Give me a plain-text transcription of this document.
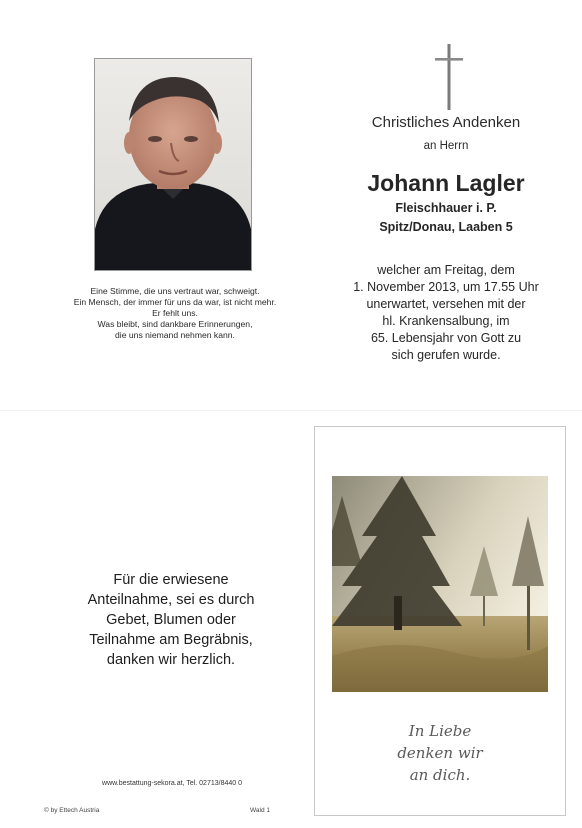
Eine Stimme, die uns vertraut war, schweigt.
Ein Mensch, der immer für uns da war, ist nicht mehr.
Er fehlt uns.
Was bleibt, sind dankbare Erinnerungen,
die uns niemand nehmen kann.
Christliches Andenken
an Herrn
Johann Lagler
Fleischhauer i. P.
Spitz/Donau, Laaben 5
welcher am Freitag, dem
1. November 2013, um 17.55 Uhr
unerwartet, versehen mit der
hl. Krankensalbung, im
65. Lebensjahr von Gott zu
sich gerufen wurde.
Für die erwiesene
Anteilnahme, sei es durch
Gebet, Blumen oder
Teilnahme am Begräbnis,
danken wir herzlich.
www.bestattung-sekora.at, Tel. 02713/8440 0
© by Ettech Austria	Wald 1
In Liebe
denken wir
an dich.
